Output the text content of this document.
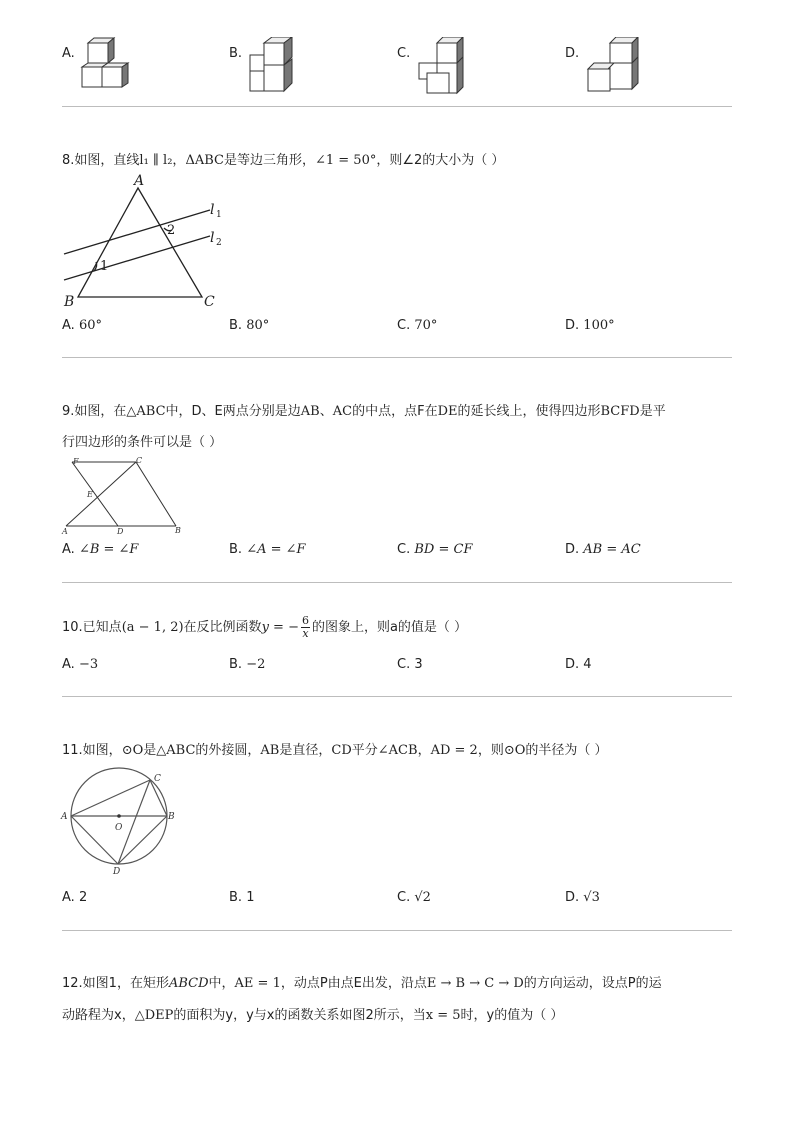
A.	B.	C.	D.
8.如图，直线l₁ ∥ l₂，ΔABC是等边三角形，∠1 = 50°，则∠2的大小为（ ）
A
B	C
l
l
1
2
1
2
A. 60°	B. 80°	C. 70°	D. 100°
9.如图，在△ABC中，D、E两点分别是边AB、AC的中点，点F在DE的延长线上，使得四边形BCFD是平
行四边形的条件可以是（ ）
F	C
E
A	D	B
A. ∠B = ∠F	B. ∠A = ∠F	C. BD = CF	D. AB = AC
10.已知点(a − 1, 2)在反比例函数y = − $\frac{6}{x}$ 的图象上，则a的值是（ ）
A. −3	B. −2	C. 3	D. 4
11.如图，⊙O是△ABC的外接圆，AB是直径，CD平分∠ACB，AD = 2，则⊙O的半径为（ ）
A	B
C
O
D
A. 2	B. 1	C. √2	D. √3
12.如图1，在矩形ABCD中，AE = 1，动点P由点E出发，沿点E → B → C → D的方向运动，设点P的运
动路程为x，△DEP的面积为y，y与x的函数关系如图2所示，当x = 5时，y的值为（ ）
